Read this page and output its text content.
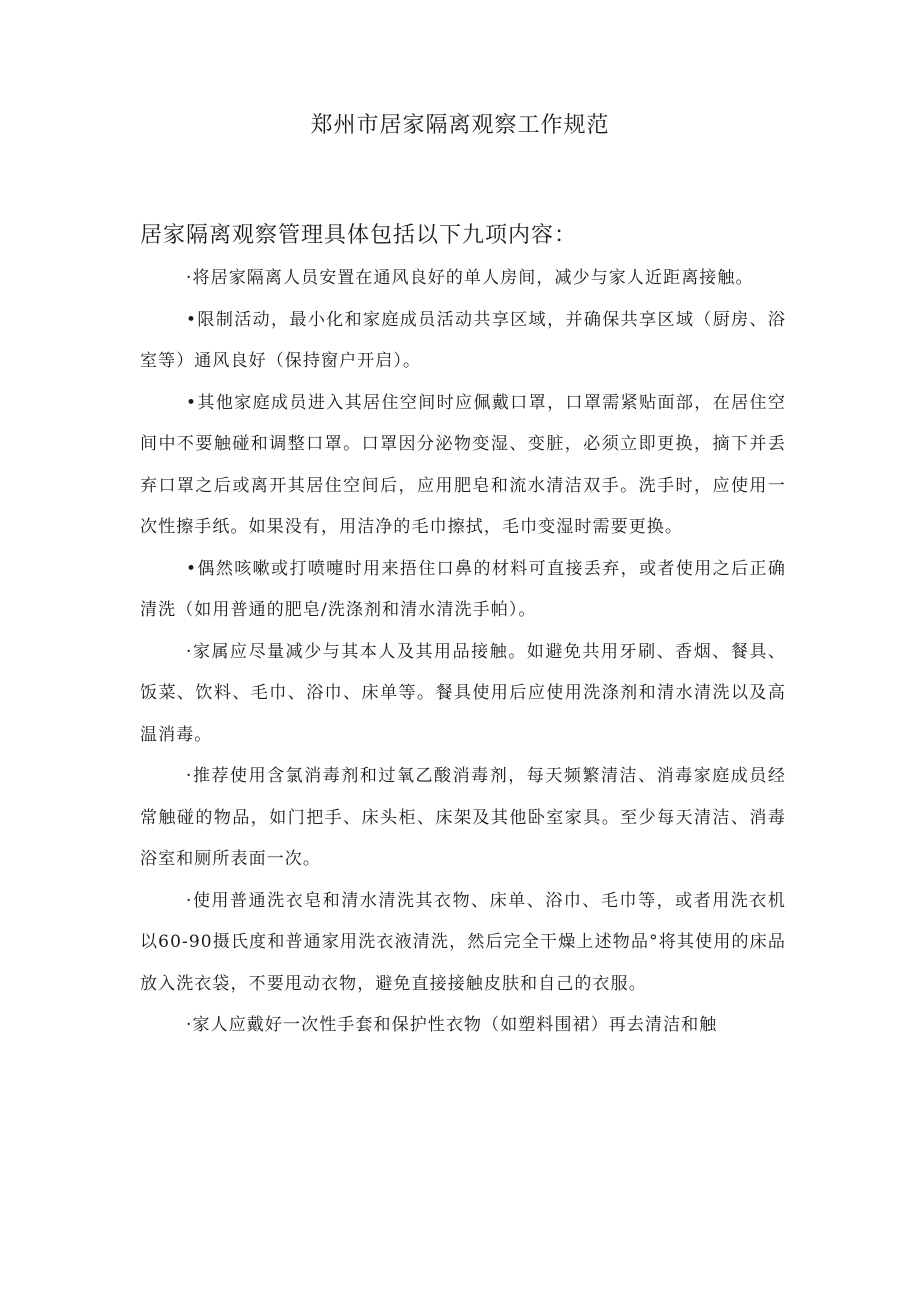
郑州市居家隔离观察工作规范
居家隔离观察管理具体包括以下九项内容：

·将居家隔离人员安置在通风良好的单人房间，减少与家人近距离接触。

•限制活动，最小化和家庭成员活动共享区域，并确保共享区域（厨房、浴室等）通风良好（保持窗户开启）。

•其他家庭成员进入其居住空间时应佩戴口罩，口罩需紧贴面部，在居住空间中不要触碰和调整口罩。口罩因分泌物变湿、变脏，必须立即更换，摘下并丢弃口罩之后或离开其居住空间后，应用肥皂和流水清洁双手。洗手时，应使用一次性擦手纸。如果没有，用洁净的毛巾擦拭，毛巾变湿时需要更换。

•偶然咳嗽或打喷嚏时用来捂住口鼻的材料可直接丢弃，或者使用之后正确清洗（如用普通的肥皂/洗涤剂和清水清洗手帕）。

·家属应尽量减少与其本人及其用品接触。如避免共用牙刷、香烟、餐具、饭菜、饮料、毛巾、浴巾、床单等。餐具使用后应使用洗涤剂和清水清洗以及高温消毒。

·推荐使用含氯消毒剂和过氧乙酸消毒剂，每天频繁清洁、消毒家庭成员经常触碰的物品，如门把手、床头柜、床架及其他卧室家具。至少每天清洁、消毒浴室和厕所表面一次。

·使用普通洗衣皂和清水清洗其衣物、床单、浴巾、毛巾等，或者用洗衣机以60-90摄氏度和普通家用洗衣液清洗，然后完全干燥上述物品°将其使用的床品放入洗衣袋，不要甩动衣物，避免直接接触皮肤和自己的衣服。

·家人应戴好一次性手套和保护性衣物（如塑料围裙）再去清洁和触
